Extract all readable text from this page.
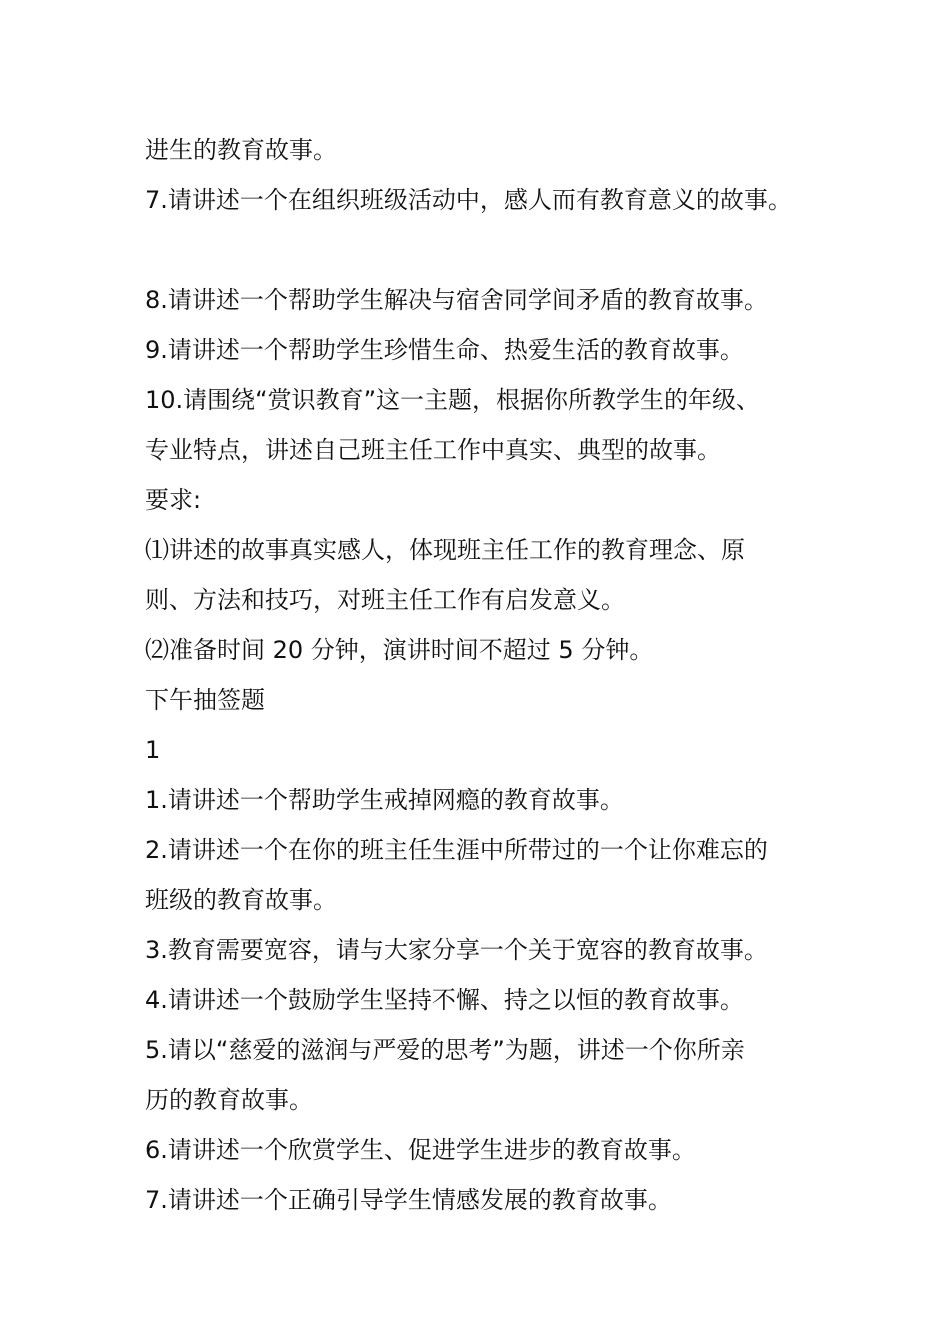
进生的教育故事。

7.请讲述一个在组织班级活动中，感人而有教育意义的故事。

8.请讲述一个帮助学生解决与宿舍同学间矛盾的教育故事。

9.请讲述一个帮助学生珍惜生命、热爱生活的教育故事。

10.请围绕“赏识教育”这一主题，根据你所教学生的年级、

专业特点，讲述自己班主任工作中真实、典型的故事。

要求:

⑴讲述的故事真实感人，体现班主任工作的教育理念、原

则、方法和技巧，对班主任工作有启发意义。

⑵准备时间 20 分钟，演讲时间不超过 5 分钟。

下午抽签题

1

1.请讲述一个帮助学生戒掉网瘾的教育故事。

2.请讲述一个在你的班主任生涯中所带过的一个让你难忘的

班级的教育故事。

3.教育需要宽容，请与大家分享一个关于宽容的教育故事。

4.请讲述一个鼓励学生坚持不懈、持之以恒的教育故事。

5.请以“慈爱的滋润与严爱的思考”为题，讲述一个你所亲

历的教育故事。

6.请讲述一个欣赏学生、促进学生进步的教育故事。

7.请讲述一个正确引导学生情感发展的教育故事。
